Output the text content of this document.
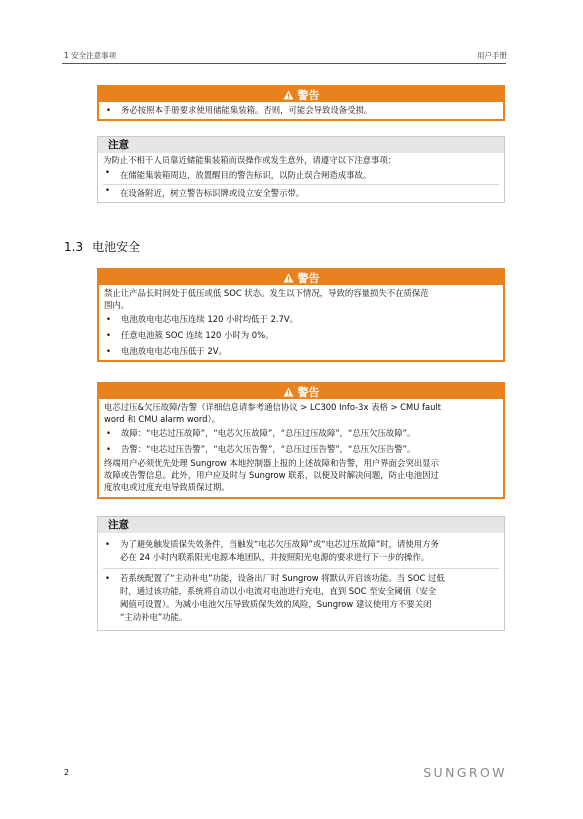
1 安全注意事项	用户手册
警告
• 务必按照本手册要求使用储能集装箱。否则，可能会导致设备受损。
注意
为防止不相干人员靠近储能集装箱而误操作或发生意外，请遵守以下注意事项：
• 在储能集装箱周边，放置醒目的警告标识，以防止误合闸造成事故。
• 在设备附近，树立警告标识牌或设立安全警示带。
1.3 电池安全
警告
禁止让产品长时间处于低压或低 SOC 状态。发生以下情况，导致的容量损失不在质保范
围内。
• 电池放电电芯电压连续 120 小时均低于 2.7V。
• 任意电池簇 SOC 连续 120 小时为 0%。
• 电池放电电芯电压低于 2V。
警告
电芯过压&欠压故障/告警（详细信息请参考通信协议 > LC300 Info-3x 表格 > CMU fault
word 和 CMU alarm word）。
• 故障：“电芯过压故障”，“电芯欠压故障”，“总压过压故障”，“总压欠压故障”。
• 告警：“电芯过压告警”，“电芯欠压告警”，“总压过压告警”，“总压欠压告警”。
终端用户必须优先处理 Sungrow 本地控制器上报的上述故障和告警，用户界面会突出显示
故障或告警信息。此外，用户应及时与 Sungrow 联系，以便及时解决问题，防止电池因过
度放电或过度充电导致质保过期。
注意
• 为了避免触发质保失效条件，当触发“电芯欠压故障”或“电芯过压故障”时，请使用方务
必在 24 小时内联系阳光电源本地团队，并按照阳光电源的要求进行下一步的操作。
• 若系统配置了“主动补电”功能，设备出厂时 Sungrow 将默认开启该功能。当 SOC 过低
时，通过该功能，系统将自动以小电流对电池进行充电，直到 SOC 至安全阈值（安全
阈值可设置）。为减小电池欠压导致质保失效的风险，Sungrow 建议使用方不要关闭
“主动补电”功能。
2	SUNGROW
